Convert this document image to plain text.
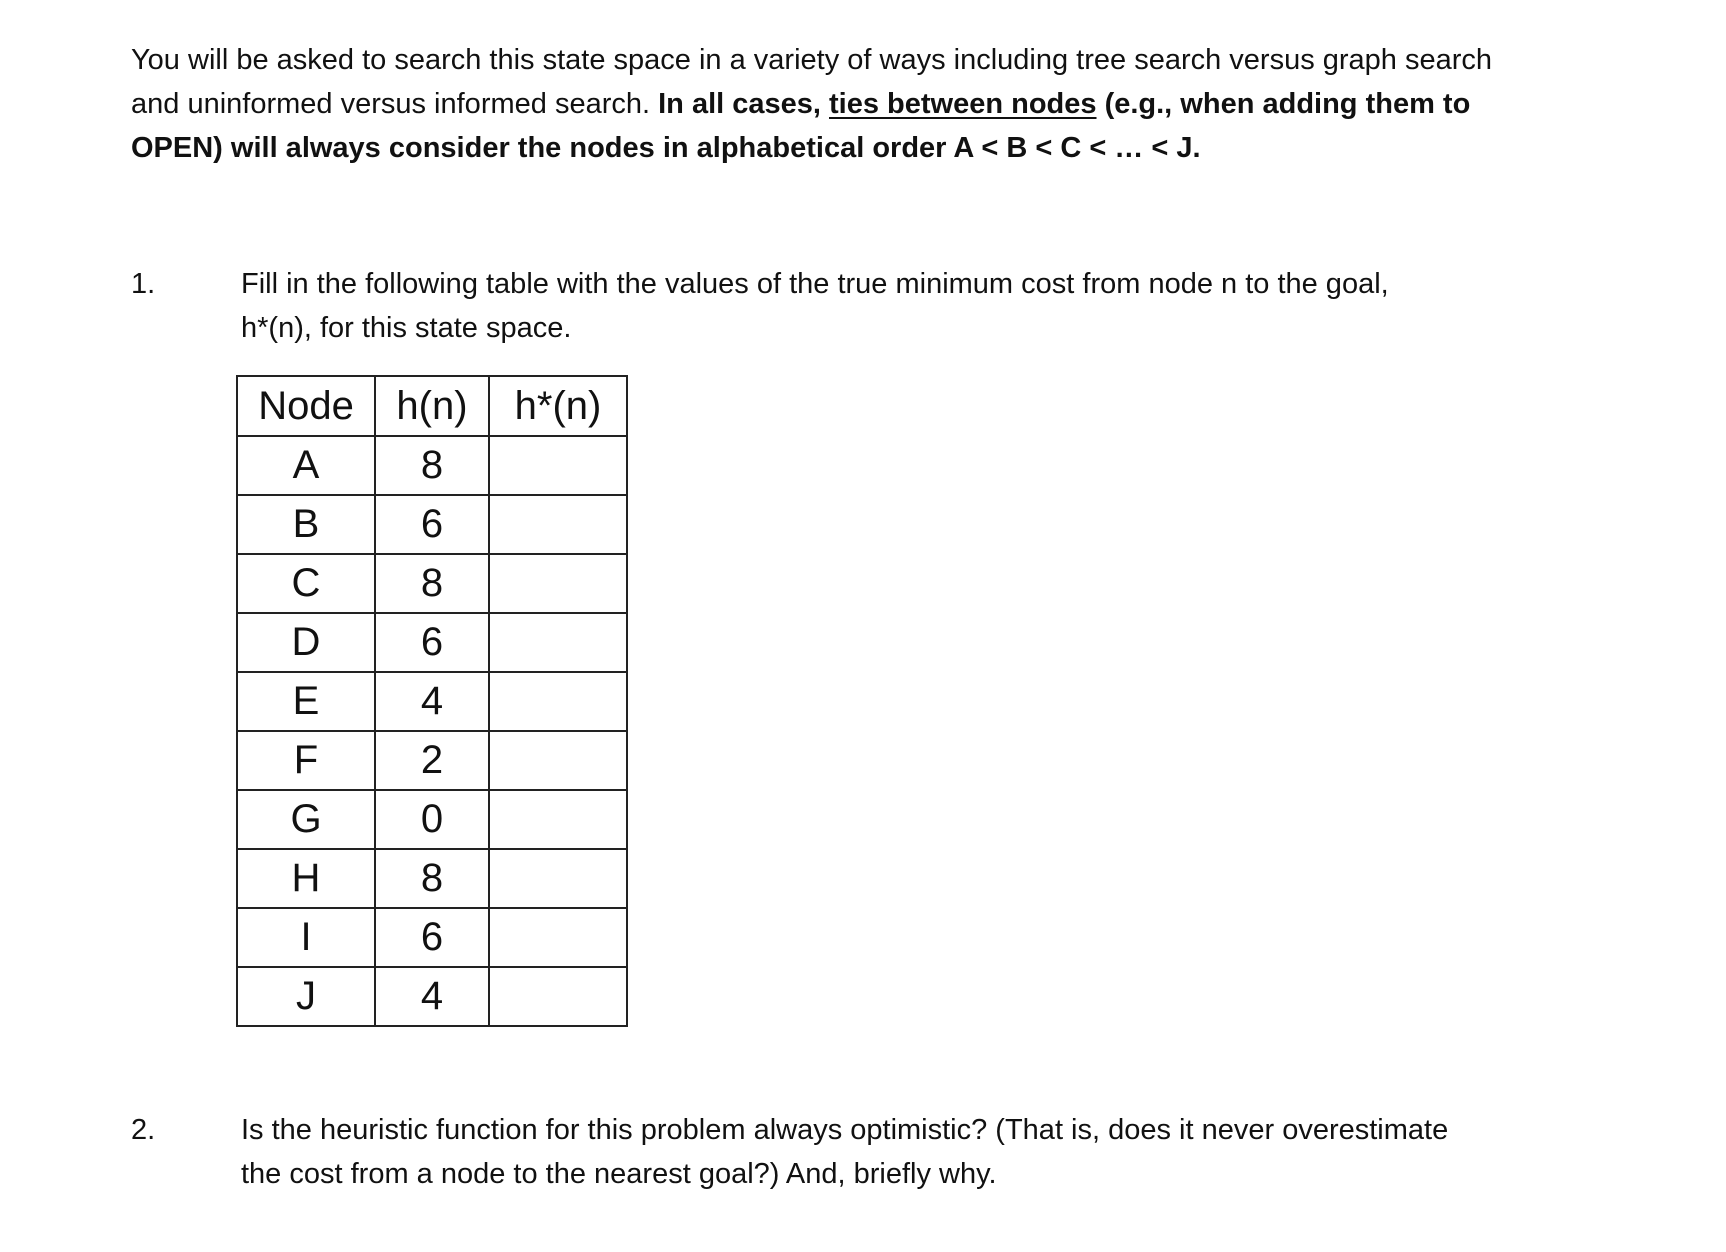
You will be asked to search this state space in a variety of ways including tree search versus graph search
and uninformed versus informed search. In all cases, ties between nodes (e.g., when adding them to
OPEN) will always consider the nodes in alphabetical order A < B < C < … < J.
1.	Fill in the following table with the values of the true minimum cost from node n to the goal,
h*(n), for this state space.
Node	h(n)	h*(n)
A	8	
B	6	
C	8	
D	6	
E	4	
F	2	
G	0	
H	8	
I	6	
J	4	
2.	Is the heuristic function for this problem always optimistic? (That is, does it never overestimate
the cost from a node to the nearest goal?) And, briefly why.
